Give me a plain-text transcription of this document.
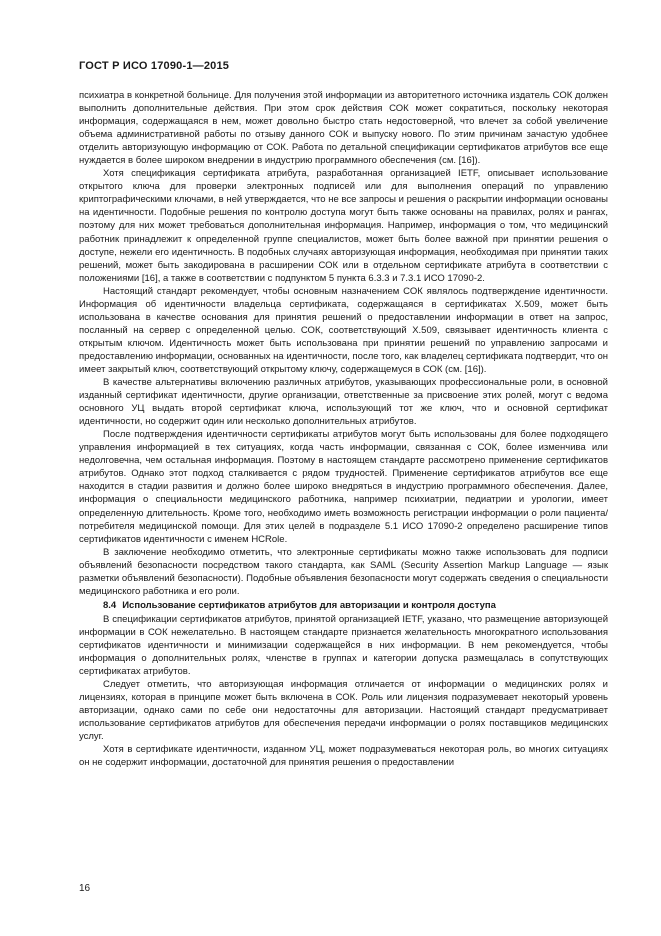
ГОСТ Р ИСО 17090-1—2015

психиатра в конкретной больнице. Для получения этой информации из авторитетного источника издатель СОК должен выполнить дополнительные действия. При этом срок действия СОК может сократиться, поскольку некоторая информация, содержащаяся в нем, может довольно быстро стать недостоверной, что влечет за собой увеличение объема административной работы по отзыву данного СОК и выпуску нового. По этим причинам зачастую удобнее отделить авторизующую информацию от СОК. Работа по детальной спецификации сертификатов атрибутов все еще нуждается в более широком внедрении в индустрию программного обеспечения (см. [16]).

Хотя спецификация сертификата атрибута, разработанная организацией IETF, описывает использование открытого ключа для проверки электронных подписей или для выполнения операций по управлению криптографическими ключами, в ней утверждается, что не все запросы и решения о раскрытии информации основаны на идентичности. Подобные решения по контролю доступа могут быть также основаны на правилах, ролях и рангах, поэтому для них может требоваться дополнительная информация. Например, информация о том, что медицинский работник принадлежит к определенной группе специалистов, может быть более важной при принятии решения о доступе, нежели его идентичность. В подобных случаях авторизующая информация, необходимая при принятии таких решений, может быть закодирована в расширении СОК или в отдельном сертификате атрибута в соответствии с положениями [16], а также в соответствии с подпунктом 5 пункта 6.3.3 и 7.3.1 ИСО 17090-2.

Настоящий стандарт рекомендует, чтобы основным назначением СОК являлось подтверждение идентичности. Информация об идентичности владельца сертификата, содержащаяся в сертификатах X.509, может быть использована в качестве основания для принятия решений о предоставлении информации в ответ на запрос, посланный на сервер с определенной целью. СОК, соответствующий X.509, связывает идентичность клиента с открытым ключом. Идентичность может быть использована при принятии решений по управлению запросами и предоставлению информации, основанных на идентичности, после того, как владелец сертификата подтвердит, что он имеет закрытый ключ, соответствующий открытому ключу, содержащемуся в СОК (см. [16]).

В качестве альтернативы включению различных атрибутов, указывающих профессиональные роли, в основной изданный сертификат идентичности, другие организации, ответственные за присвоение этих ролей, могут с ведома основного УЦ выдать второй сертификат ключа, использующий тот же ключ, что и основной сертификат идентичности, но содержит один или несколько дополнительных атрибутов.

После подтверждения идентичности сертификаты атрибутов могут быть использованы для более подходящего управления информацией в тех ситуациях, когда часть информации, связанная с СОК, более изменчива или недолговечна, чем остальная информация. Поэтому в настоящем стандарте рассмотрено применение сертификатов атрибутов. Однако этот подход сталкивается с рядом трудностей. Применение сертификатов атрибутов все еще находится в стадии развития и должно более широко внедряться в индустрию программного обеспечения. Далее, информация о специальности медицинского работника, например психиатрии, педиатрии и урологии, имеет определенную длительность. Кроме того, необходимо иметь возможность регистрации информации о роли пациента/потребителя медицинской помощи. Для этих целей в подразделе 5.1 ИСО 17090-2 определено расширение типов сертификатов идентичности с именем HCRole.

В заключение необходимо отметить, что электронные сертификаты можно также использовать для подписи объявлений безопасности посредством такого стандарта, как SAML (Security Assertion Markup Language — язык разметки объявлений безопасности). Подобные объявления безопасности могут содержать сведения о специальности медицинского работника и его роли.

8.4 Использование сертификатов атрибутов для авторизации и контроля доступа

В спецификации сертификатов атрибутов, принятой организацией IETF, указано, что размещение авторизующей информации в СОК нежелательно. В настоящем стандарте признается желательность многократного использования сертификатов идентичности и минимизации содержащейся в них информации. В нем рекомендуется, чтобы информация о дополнительных ролях, членстве в группах и категории допуска размещалась в сопутствующих сертификатах атрибутов.

Следует отметить, что авторизующая информация отличается от информации о медицинских ролях и лицензиях, которая в принципе может быть включена в СОК. Роль или лицензия подразумевает некоторый уровень авторизации, однако сами по себе они недостаточны для авторизации. Настоящий стандарт предусматривает использование сертификатов атрибутов для обеспечения передачи информации о ролях поставщиков медицинских услуг.

Хотя в сертификате идентичности, изданном УЦ, может подразумеваться некоторая роль, во многих ситуациях он не содержит информации, достаточной для принятия решения о предоставлении

16
